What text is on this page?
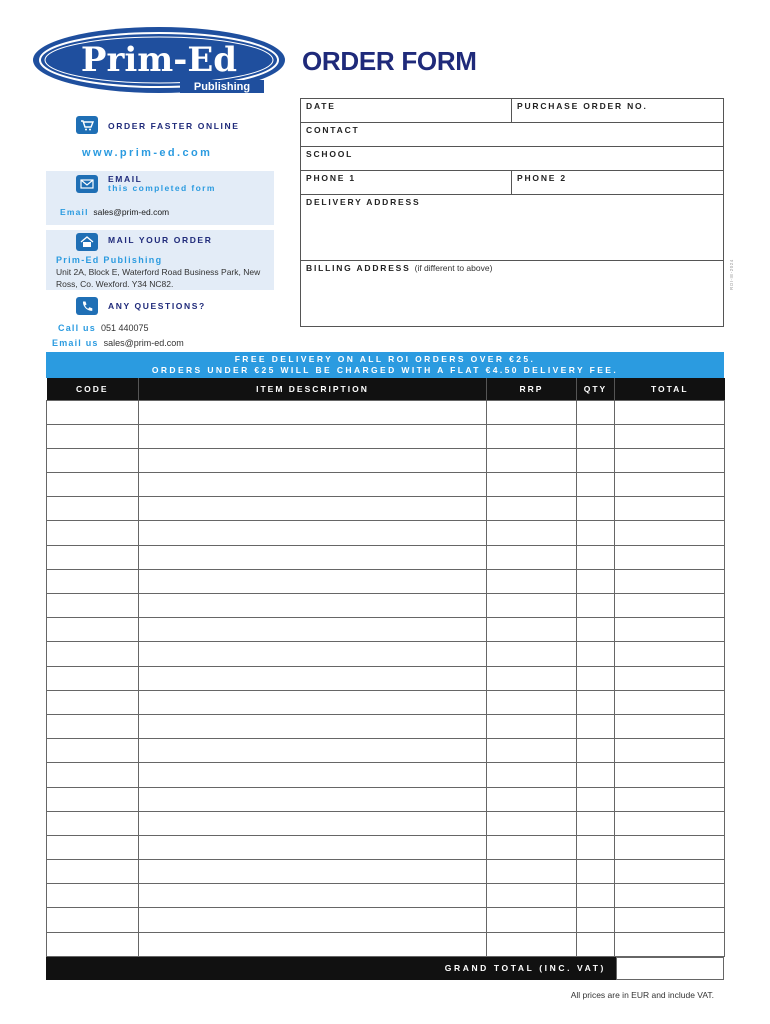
Prim-Ed
Publishing
ORDER FORM
ORDER FASTER ONLINE
www.prim-ed.com
EMAIL
this completed form
Email sales@prim-ed.com
MAIL YOUR ORDER
Prim-Ed Publishing
Unit 2A, Block E, Waterford Road Business Park, New Ross, Co. Wexford. Y34 NC82.
ANY QUESTIONS?
Call us 051 440075
Email us sales@prim-ed.com
DATE	PURCHASE ORDER NO.
CONTACT
SCHOOL
PHONE 1	PHONE 2
DELIVERY ADDRESS
BILLING ADDRESS (if different to above)	ROI-IE-2024
FREE DELIVERY ON ALL ROI ORDERS OVER €25.
ORDERS UNDER €25 WILL BE CHARGED WITH A FLAT €4.50 DELIVERY FEE.
CODE	ITEM DESCRIPTION	RRP	QTY	TOTAL

GRAND TOTAL (INC. VAT)
All prices are in EUR and include VAT.
